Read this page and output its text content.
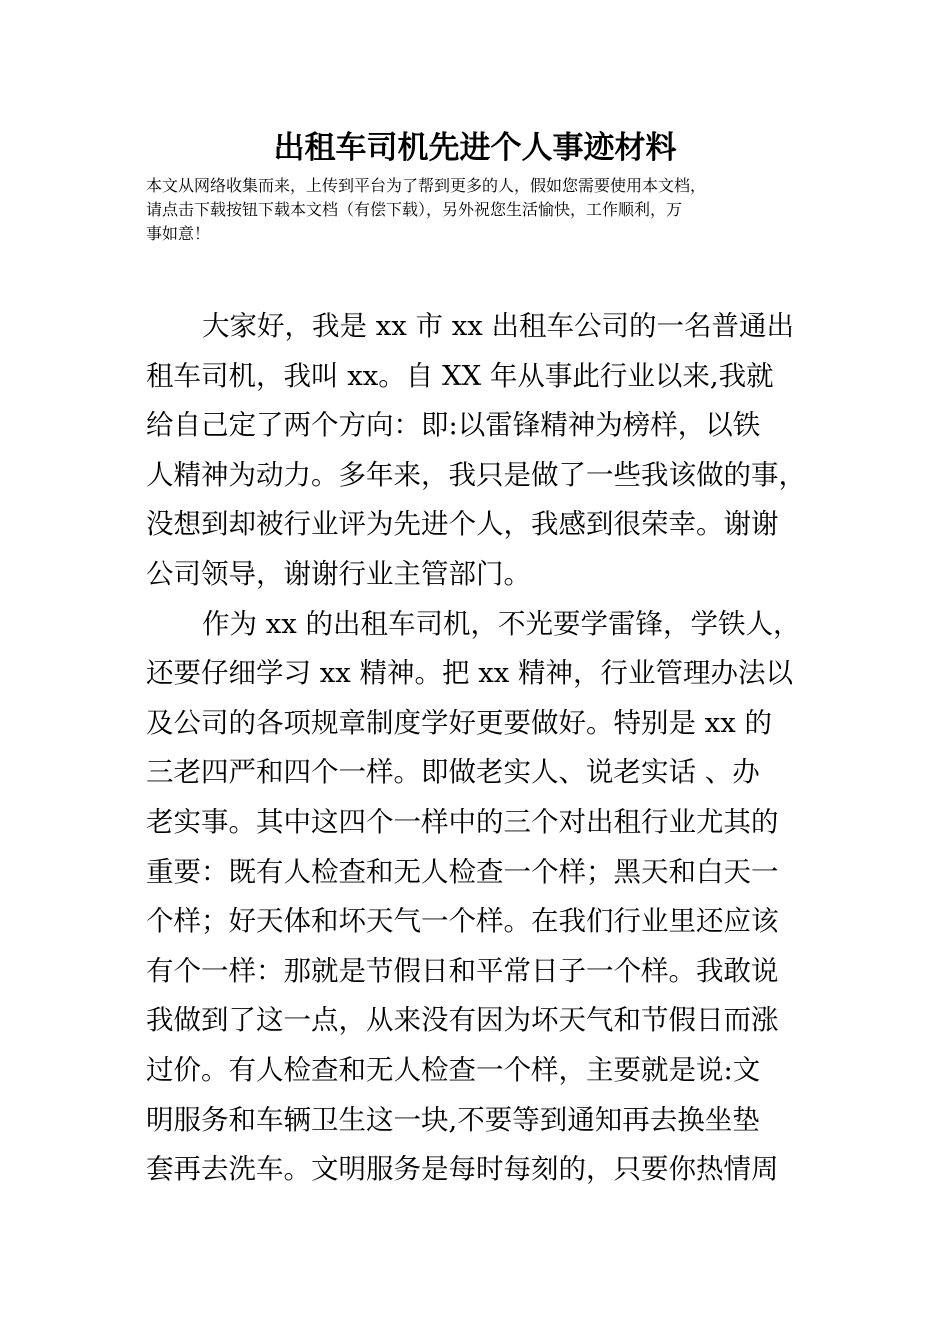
出租车司机先进个人事迹材料
本文从网络收集而来，上传到平台为了帮到更多的人，假如您需要使用本文档，
请点击下载按钮下载本文档（有偿下载），另外祝您生活愉快，工作顺利，万
事如意！
大家好，我是 xx 市 xx 出租车公司的一名普通出
租车司机，我叫 xx。自 XX 年从事此行业以来,我就
给自己定了两个方向：即:以雷锋精神为榜样，以铁
人精神为动力。多年来，我只是做了一些我该做的事，
没想到却被行业评为先进个人，我感到很荣幸。谢谢
公司领导，谢谢行业主管部门。
作为 xx 的出租车司机，不光要学雷锋，学铁人，
还要仔细学习 xx 精神。把 xx 精神，行业管理办法以
及公司的各项规章制度学好更要做好。特别是 xx 的
三老四严和四个一样。即做老实人、说老实话 、办
老实事。其中这四个一样中的三个对出租行业尤其的
重要：既有人检查和无人检查一个样；黑天和白天一
个样；好天体和坏天气一个样。在我们行业里还应该
有个一样：那就是节假日和平常日子一个样。我敢说
我做到了这一点，从来没有因为坏天气和节假日而涨
过价。有人检查和无人检查一个样，主要就是说:文
明服务和车辆卫生这一块,不要等到通知再去换坐垫
套再去洗车。文明服务是每时每刻的，只要你热情周
